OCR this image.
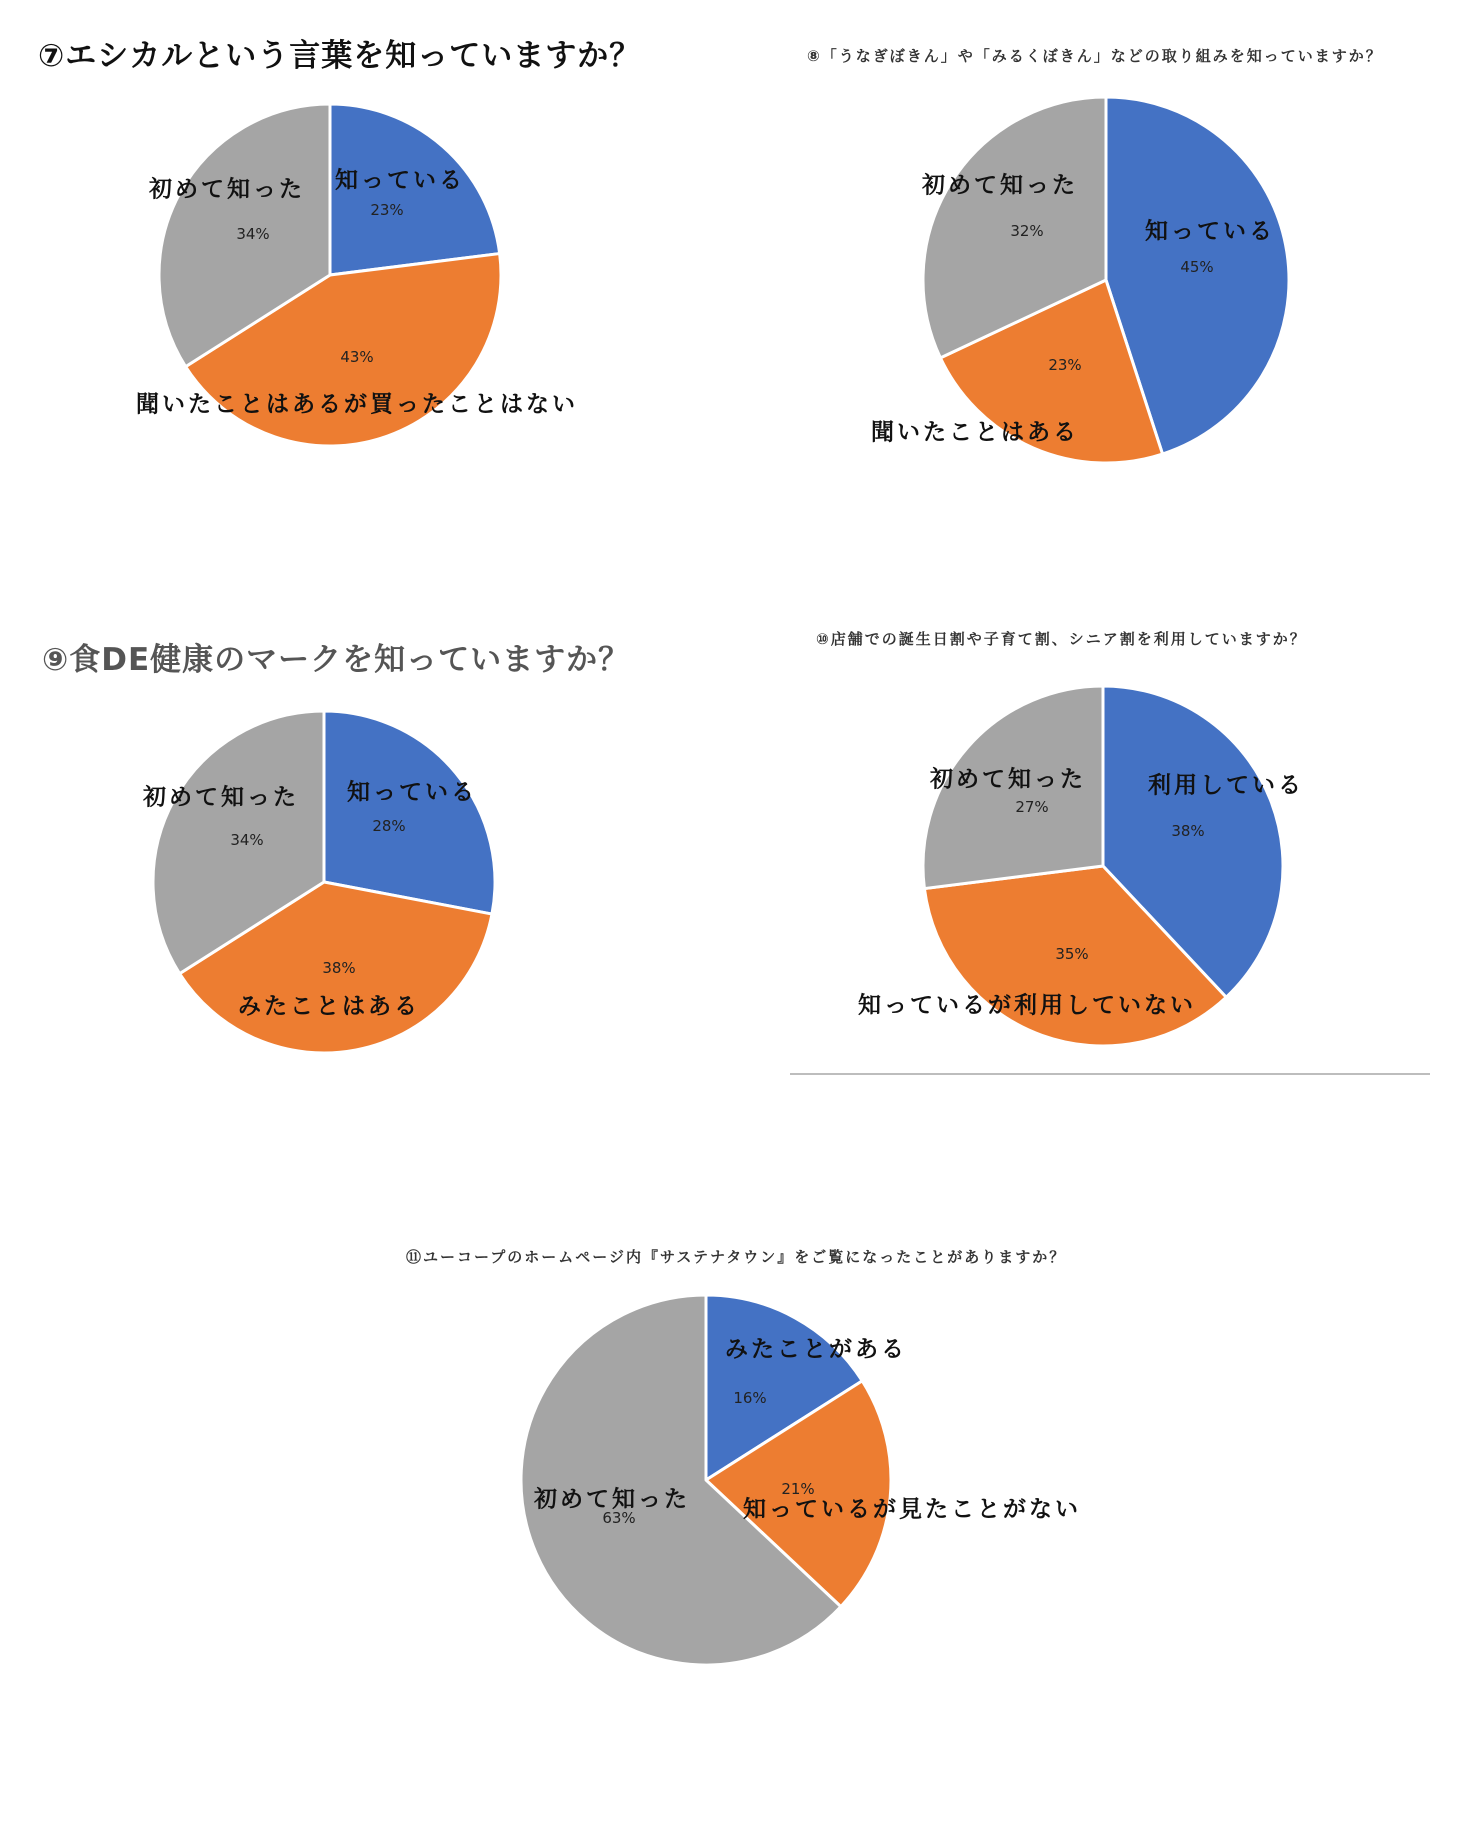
⑦エシカルという言葉を知っていますか？
知っている
23%
聞いたことはあるが買ったことはない
43%
初めて知った
34%
⑧「うなぎぼきん」や「みるくぼきん」などの取り組みを知っていますか？
知っている
45%
聞いたことはある
23%
初めて知った
32%
⑨食DE健康のマークを知っていますか？
知っている
28%
みたことはある
38%
初めて知った
34%
⑩店舗での誕生日割や子育て割、シニア割を利用していますか？
利用している
38%
知っているが利用していない
35%
初めて知った
27%
⑪ユーコープのホームページ内『サステナタウン』をご覧になったことがありますか？
みたことがある
16%
知っているが見たことがない
21%
初めて知った
63%
